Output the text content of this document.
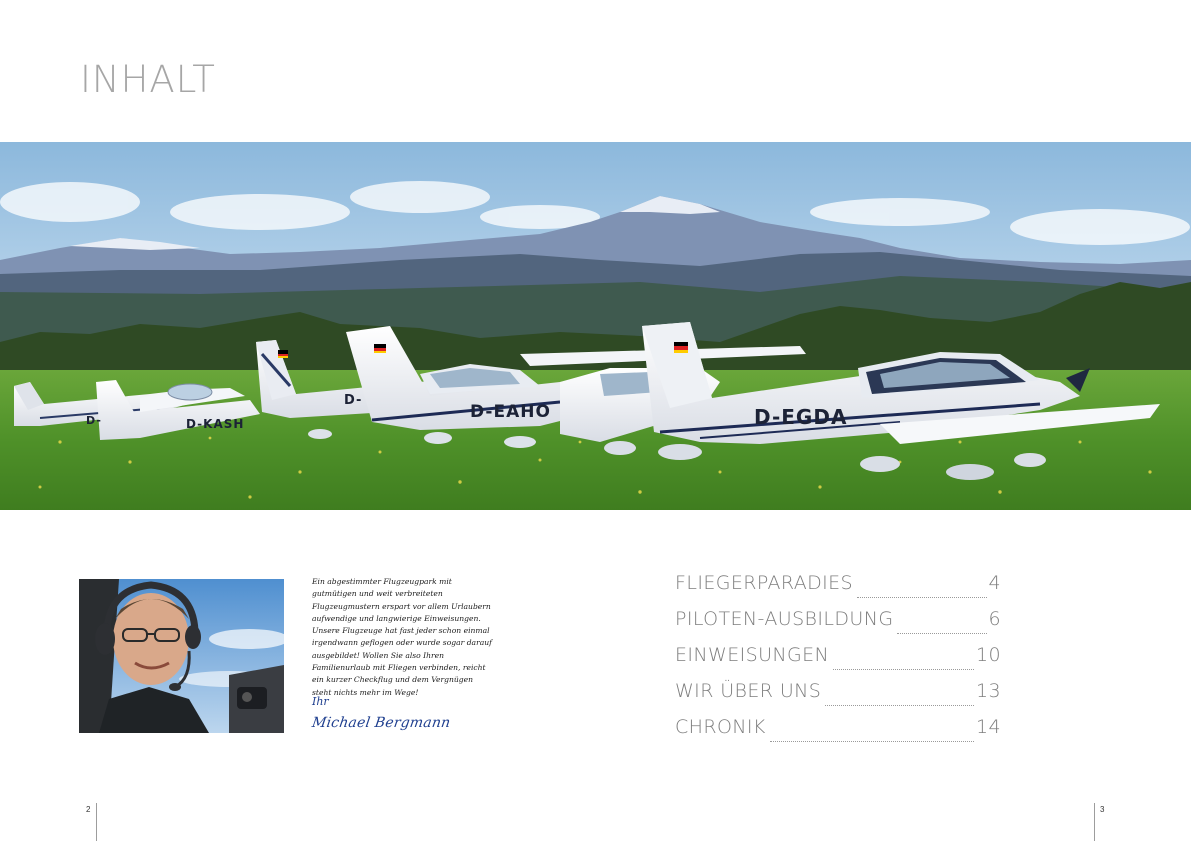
INHALT
D-KASH
D-
D-EAHO	D-EGDA
D-

Ein abgestimmter Flugzeugpark mit gutmütigen und weit verbreiteten Flugzeugmustern erspart vor allem Urlaubern aufwendige und langwierige Einweisungen. Unsere Flugzeuge hat fast jeder schon einmal irgendwann geflogen oder wurde sogar darauf ausgebildet! Wollen Sie also Ihren Familienurlaub mit Fliegen verbinden, reicht ein kurzer Checkflug und dem Vergnügen steht nichts mehr im Wege!

Ihr
Michael Bergmann
FLIEGERPARADIES	4
PILOTEN-AUSBILDUNG	6
EINWEISUNGEN	10
WIR ÜBER UNS	13
CHRONIK	14
2	3
